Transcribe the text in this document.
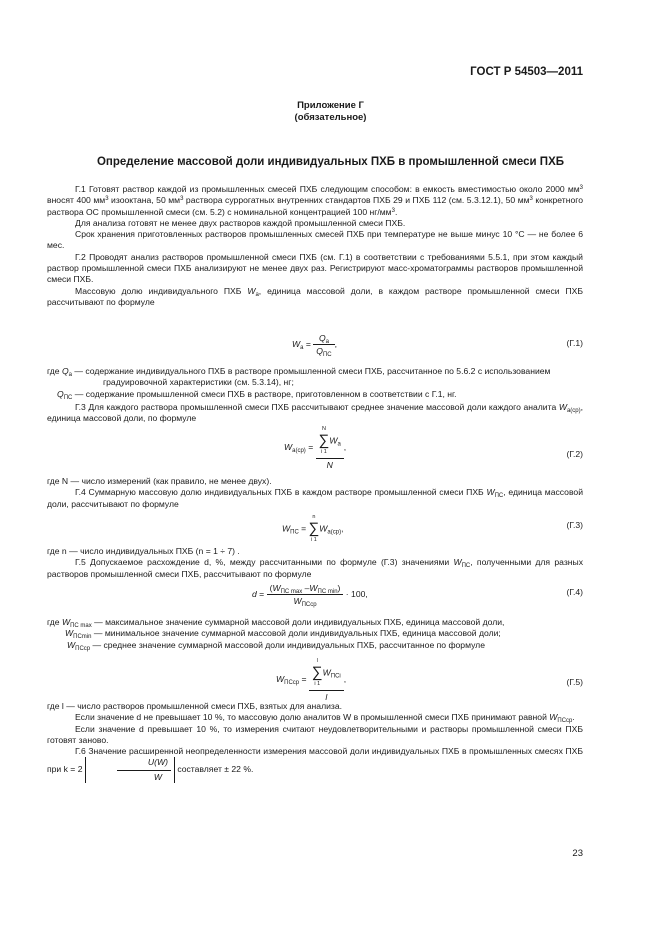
ГОСТ Р 54503—2011
Приложение Г
(обязательное)
Определение массовой доли индивидуальных ПХБ в промышленной смеси ПХБ

Г.1 Готовят раствор каждой из промышленных смесей ПХБ следующим способом: в емкость вместимостью около 2000 $мм^3$ вносят 400 $мм^3$ изооктана, 50 $мм^3$ раствора суррогатных внутренних стандартов ПХБ 29 и ПХБ 112 (см. 5.3.12.1), 50 $мм^3$ конкретного раствора ОС промышленной смеси (см. 5.2) с номинальной концентрацией 100 $нг/мм^3$.

Для анализа готовят не менее двух растворов каждой промышленной смеси ПХБ.

Срок хранения приготовленных растворов промышленных смесей ПХБ при температуре не выше минус 10 °С — не более 6 мес.

Г.2 Проводят анализ растворов промышленной смеси ПХБ (см. Г.1) в соответствии с требованиями 5.5.1, при этом каждый раствор промышленной смеси ПХБ анализируют не менее двух раз. Регистрируют масс-хроматограммы растворов промышленной смеси ПХБ.

Массовую долю индивидуального ПХБ $W_а$, единица массовой доли, в каждом растворе промышленной смеси ПХБ рассчитывают по формуле

$W_а = \frac{Q_а}{Q_{ПС}}$ ,	(Г.1)
где $Q_а$ — содержание индивидуального ПХБ в растворе промышленной смеси ПХБ, рассчитанное по 5.6.2 с использованием градуировочной характеристики (см. 5.3.14), нг;
$Q_{ПС}$ — содержание промышленной смеси ПХБ в растворе, приготовленном в соответствии с Г.1, нг.

Г.3 Для каждого раствора промышленной смеси ПХБ рассчитывают среднее значение массовой доли каждого аналита $W_{а(ср)}$, единица массовой доли, по формуле

$W_{а(ср)} = N$
∑
i 1
$W_а$
N ,
(Г.2)

где N — число измерений (как правило, не менее двух).

Г.4 Суммарную массовую долю индивидуальных ПХБ в каждом растворе промышленной смеси ПХБ $W_{ПС}$, единица массовой доли, рассчитывают по формуле

$W_{ПС}$ =
n
∑
i 1
$W_{а(ср)}$,	(Г.3)

где n — число индивидуальных ПХБ (n = 1 ÷ 7) .

Г.5 Допускаемое расхождение d, %, между рассчитанными по формуле (Г.3) значениями $W_{ПС}$, полученными для разных растворов промышленной смеси ПХБ, рассчитывают по формуле

$d = \frac{(W_{ПС max} -W_{ПС min})}{W_{ПСср}} \cdot 100$,	(Г.4)
где $W_{ПС max}$ — максимальное значение суммарной массовой доли индивидуальных ПХБ, единица массовой доли,
$W_{ПСmin}$ — минимальное значение суммарной массовой доли индивидуальных ПХБ, единица массовой доли;
$W_{ПСср}$ — среднее значение суммарной массовой доли индивидуальных ПХБ, рассчитанное по формуле
$W_{ПСср} = l$
∑
i 1
$W_{ПСi}$
l ,	(Г.5)

где l — число растворов промышленной смеси ПХБ, взятых для анализа.

Если значение d не превышает 10 %, то массовую долю аналитов W в промышленной смеси ПХБ принимают равной $W_{ПСср}$.

Если значение d превышает 10 %, то измерения считают неудовлетворительными и растворы промышленной смеси ПХБ готовят заново.

Г.6 Значение расширенной неопределенности измерения массовой доли индивидуальных ПХБ в промышленных смесях ПХБ при k = 2	$\frac{U(W)}{W}$ составляет ± 22 %.

23
